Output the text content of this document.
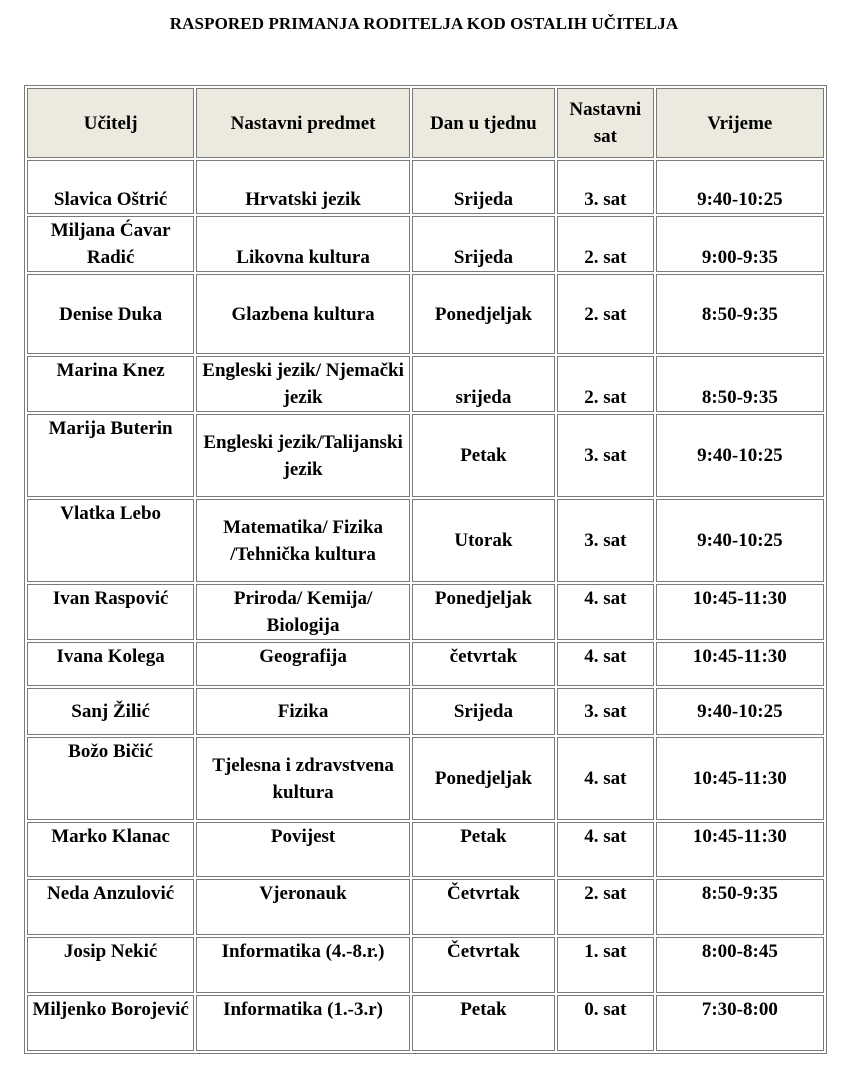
RASPORED PRIMANJA RODITELJA KOD OSTALIH UČITELJA
Učitelj	Nastavni predmet	Dan u tjednu	Nastavni sat	Vrijeme
Slavica Oštrić	Hrvatski jezik	Srijeda	3. sat	9:40-10:25
Miljana Ćavar Radić	Likovna kultura	Srijeda	2. sat	9:00-9:35
Denise Duka	Glazbena kultura	Ponedjeljak	2. sat	8:50-9:35
Marina Knez	Engleski jezik/ Njemački jezik	srijeda	2. sat	8:50-9:35
Marija Buterin	Engleski jezik/Talijanski jezik	Petak	3. sat	9:40-10:25
Vlatka Lebo	Matematika/ Fizika /Tehnička kultura	Utorak	3. sat	9:40-10:25
Ivan Raspović	Priroda/ Kemija/ Biologija	Ponedjeljak	4. sat	10:45-11:30
Ivana Kolega	Geografija	četvrtak	4. sat	10:45-11:30
Sanj Žilić	Fizika	Srijeda	3. sat	9:40-10:25
Božo Bičić	Tjelesna i zdravstvena kultura	Ponedjeljak	4. sat	10:45-11:30
Marko Klanac	Povijest	Petak	4. sat	10:45-11:30
Neda Anzulović	Vjeronauk	Četvrtak	2. sat	8:50-9:35
Josip Nekić	Informatika (4.-8.r.)	Četvrtak	1. sat	8:00-8:45
Miljenko Borojević	Informatika (1.-3.r)	Petak	0. sat	7:30-8:00
